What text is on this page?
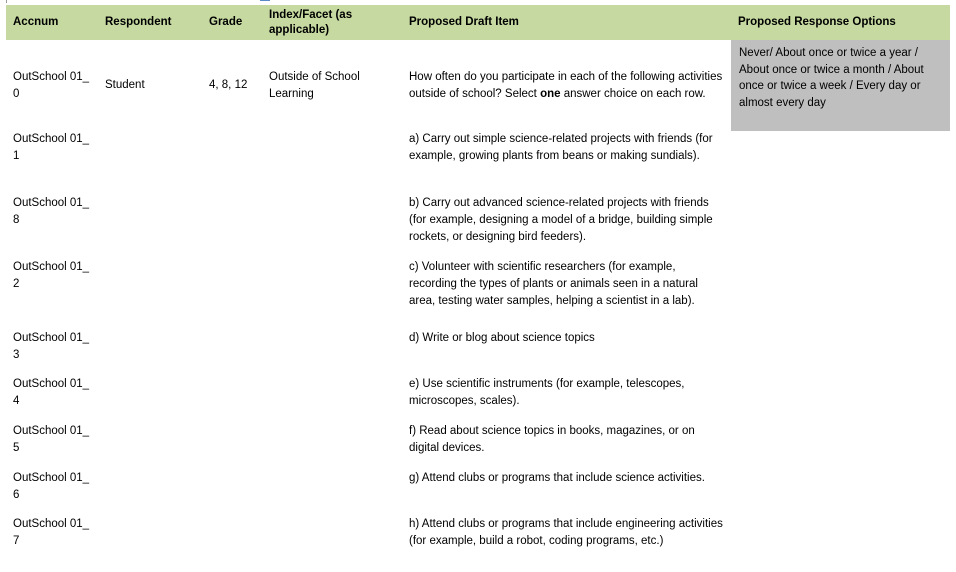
Accnum	Respondent	Grade	Index/Facet (as applicable)	Proposed Draft Item	Proposed Response Options
OutSchool 01_0	Student	4, 8, 12	Outside of School Learning	How often do you participate in each of the following activities outside of school? Select one answer choice on each row.	Never/ About once or twice a year / About once or twice a month / About once or twice a week / Every day or almost every day
OutSchool 01_1				a) Carry out simple science-related projects with friends (for example, growing plants from beans or making sundials).	
OutSchool 01_8				b) Carry out advanced science-related projects with friends (for example, designing a model of a bridge, building simple rockets, or designing bird feeders).	
OutSchool 01_2				c) Volunteer with scientific researchers (for example, recording the types of plants or animals seen in a natural area, testing water samples, helping a scientist in a lab).	
OutSchool 01_3				d) Write or blog about science topics	
OutSchool 01_4				e) Use scientific instruments (for example, telescopes, microscopes, scales).	
OutSchool 01_5				f) Read about science topics in books, magazines, or on digital devices.	
OutSchool 01_6				g) Attend clubs or programs that include science activities.	
OutSchool 01_7				h) Attend clubs or programs that include engineering activities (for example, build a robot, coding programs, etc.)	
